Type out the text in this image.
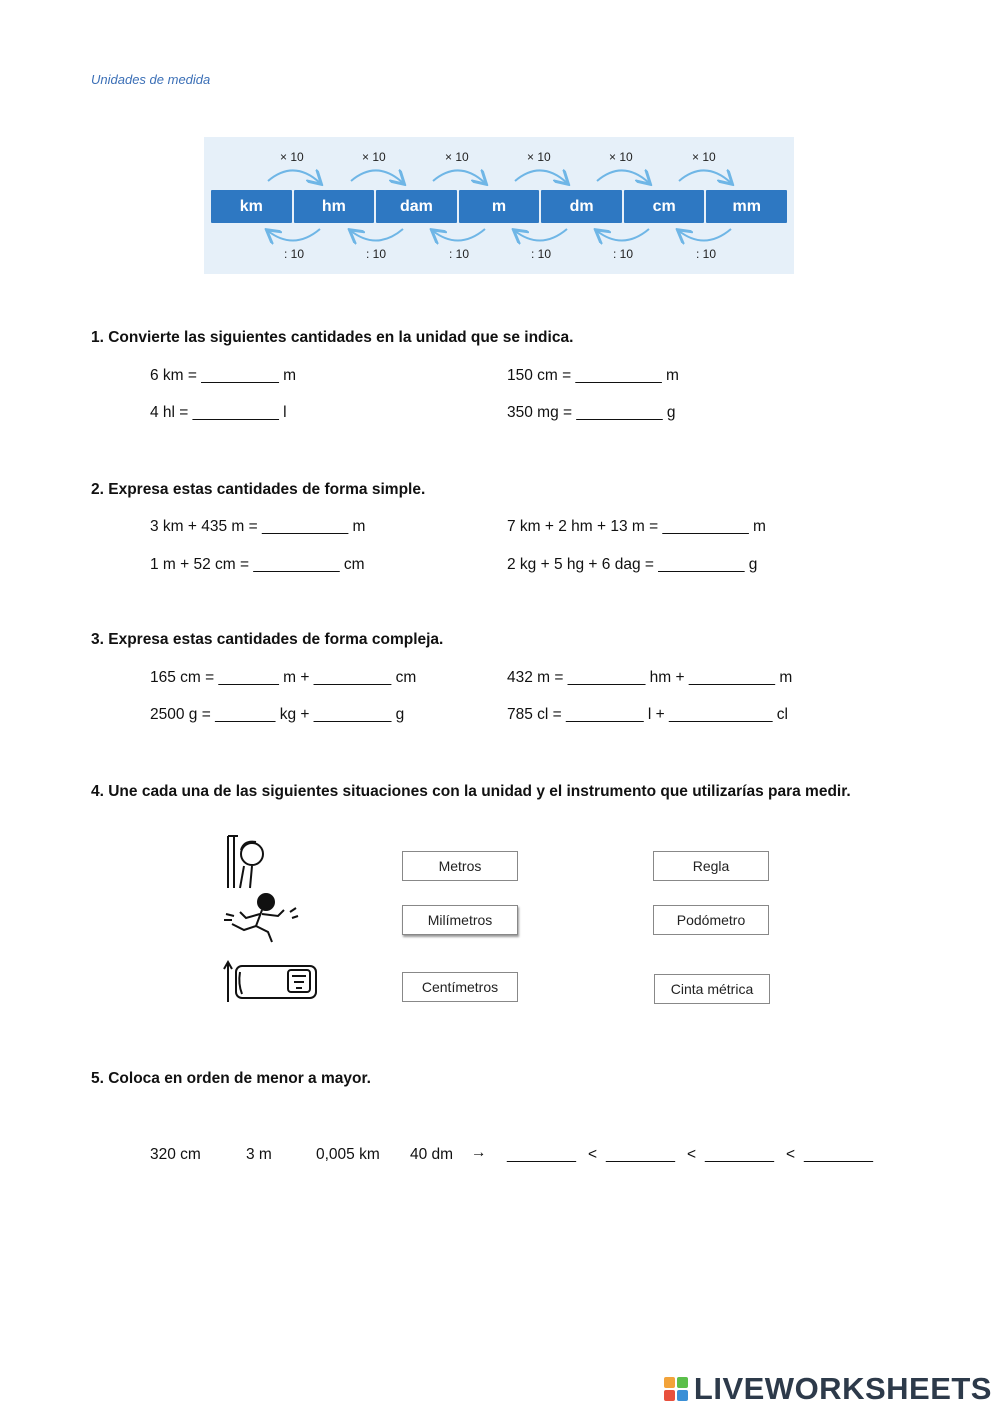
Unidades de medida
× 10	× 10	× 10	× 10	× 10	× 10
km	hm	dam	m	dm	cm	mm
: 10	: 10	: 10	: 10	: 10	: 10
1. Convierte las siguientes cantidades en la unidad que se indica.
6 km = _________ m	150 cm = __________ m
4 hl = __________ l	350 mg = __________ g
2. Expresa estas cantidades de forma simple.
3 km + 435 m = __________ m	7 km + 2 hm + 13 m = __________ m
1 m + 52 cm = __________ cm	2 kg + 5 hg + 6 dag = __________ g
3. Expresa estas cantidades de forma compleja.
165 cm = _______ m + _________ cm	432 m = _________ hm + __________ m
2500 g = _______ kg + _________ g	785 cl = _________ l + ____________ cl
4. Une cada una de las siguientes situaciones con la unidad y el instrumento que utilizarías para medir.
Metros
Milímetros
Centímetros
Regla
Podómetro
Cinta métrica
5. Coloca en orden de menor a mayor.
320 cm	3 m	0,005 km 40 dm → ________ < ________ < ________ < ________
LIVEWORKSHEETS
